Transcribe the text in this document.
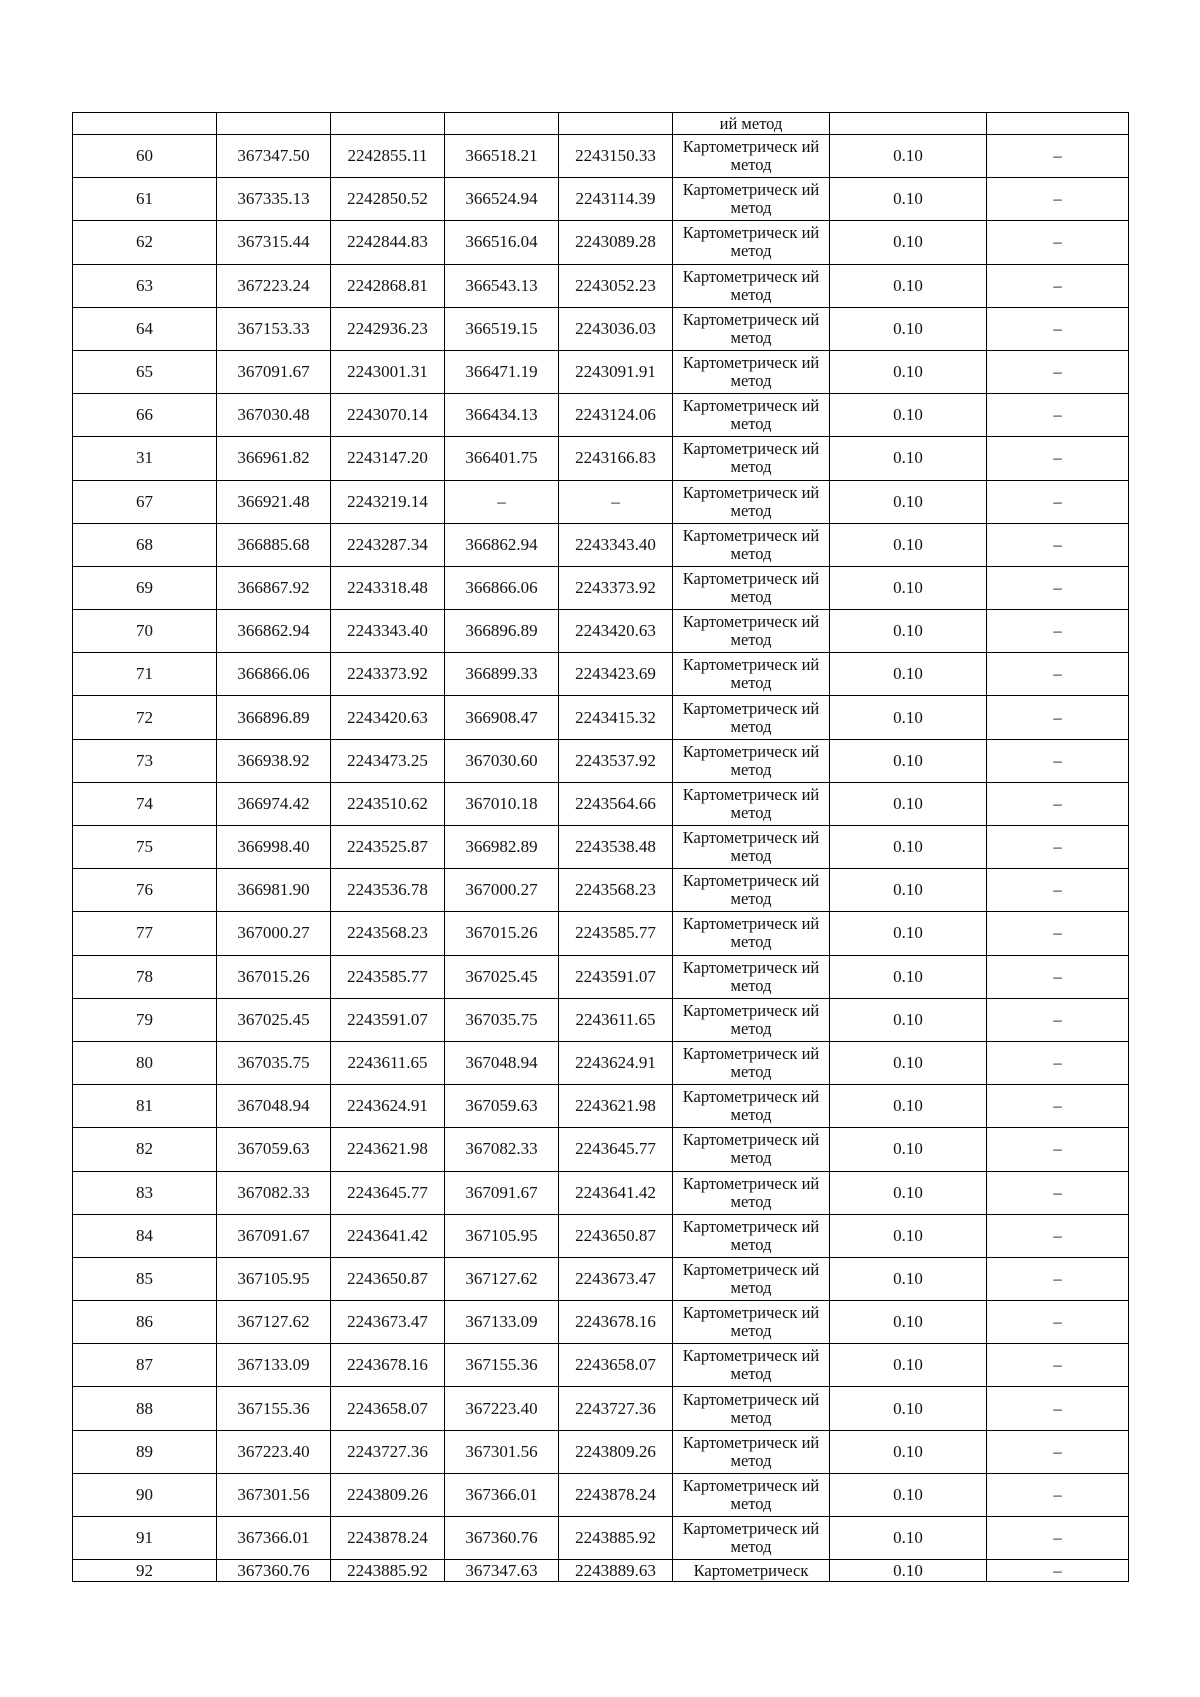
					ий метод		
60	367347.50	2242855.11	366518.21	2243150.33	Картометрическ ий метод	0.10	–
61	367335.13	2242850.52	366524.94	2243114.39	Картометрическ ий метод	0.10	–
62	367315.44	2242844.83	366516.04	2243089.28	Картометрическ ий метод	0.10	–
63	367223.24	2242868.81	366543.13	2243052.23	Картометрическ ий метод	0.10	–
64	367153.33	2242936.23	366519.15	2243036.03	Картометрическ ий метод	0.10	–
65	367091.67	2243001.31	366471.19	2243091.91	Картометрическ ий метод	0.10	–
66	367030.48	2243070.14	366434.13	2243124.06	Картометрическ ий метод	0.10	–
31	366961.82	2243147.20	366401.75	2243166.83	Картометрическ ий метод	0.10	–
67	366921.48	2243219.14	–	–	Картометрическ ий метод	0.10	–
68	366885.68	2243287.34	366862.94	2243343.40	Картометрическ ий метод	0.10	–
69	366867.92	2243318.48	366866.06	2243373.92	Картометрическ ий метод	0.10	–
70	366862.94	2243343.40	366896.89	2243420.63	Картометрическ ий метод	0.10	–
71	366866.06	2243373.92	366899.33	2243423.69	Картометрическ ий метод	0.10	–
72	366896.89	2243420.63	366908.47	2243415.32	Картометрическ ий метод	0.10	–
73	366938.92	2243473.25	367030.60	2243537.92	Картометрическ ий метод	0.10	–
74	366974.42	2243510.62	367010.18	2243564.66	Картометрическ ий метод	0.10	–
75	366998.40	2243525.87	366982.89	2243538.48	Картометрическ ий метод	0.10	–
76	366981.90	2243536.78	367000.27	2243568.23	Картометрическ ий метод	0.10	–
77	367000.27	2243568.23	367015.26	2243585.77	Картометрическ ий метод	0.10	–
78	367015.26	2243585.77	367025.45	2243591.07	Картометрическ ий метод	0.10	–
79	367025.45	2243591.07	367035.75	2243611.65	Картометрическ ий метод	0.10	–
80	367035.75	2243611.65	367048.94	2243624.91	Картометрическ ий метод	0.10	–
81	367048.94	2243624.91	367059.63	2243621.98	Картометрическ ий метод	0.10	–
82	367059.63	2243621.98	367082.33	2243645.77	Картометрическ ий метод	0.10	–
83	367082.33	2243645.77	367091.67	2243641.42	Картометрическ ий метод	0.10	–
84	367091.67	2243641.42	367105.95	2243650.87	Картометрическ ий метод	0.10	–
85	367105.95	2243650.87	367127.62	2243673.47	Картометрическ ий метод	0.10	–
86	367127.62	2243673.47	367133.09	2243678.16	Картометрическ ий метод	0.10	–
87	367133.09	2243678.16	367155.36	2243658.07	Картометрическ ий метод	0.10	–
88	367155.36	2243658.07	367223.40	2243727.36	Картометрическ ий метод	0.10	–
89	367223.40	2243727.36	367301.56	2243809.26	Картометрическ ий метод	0.10	–
90	367301.56	2243809.26	367366.01	2243878.24	Картометрическ ий метод	0.10	–
91	367366.01	2243878.24	367360.76	2243885.92	Картометрическ ий метод	0.10	–
92	367360.76	2243885.92	367347.63	2243889.63	Картометрическ	0.10	–
